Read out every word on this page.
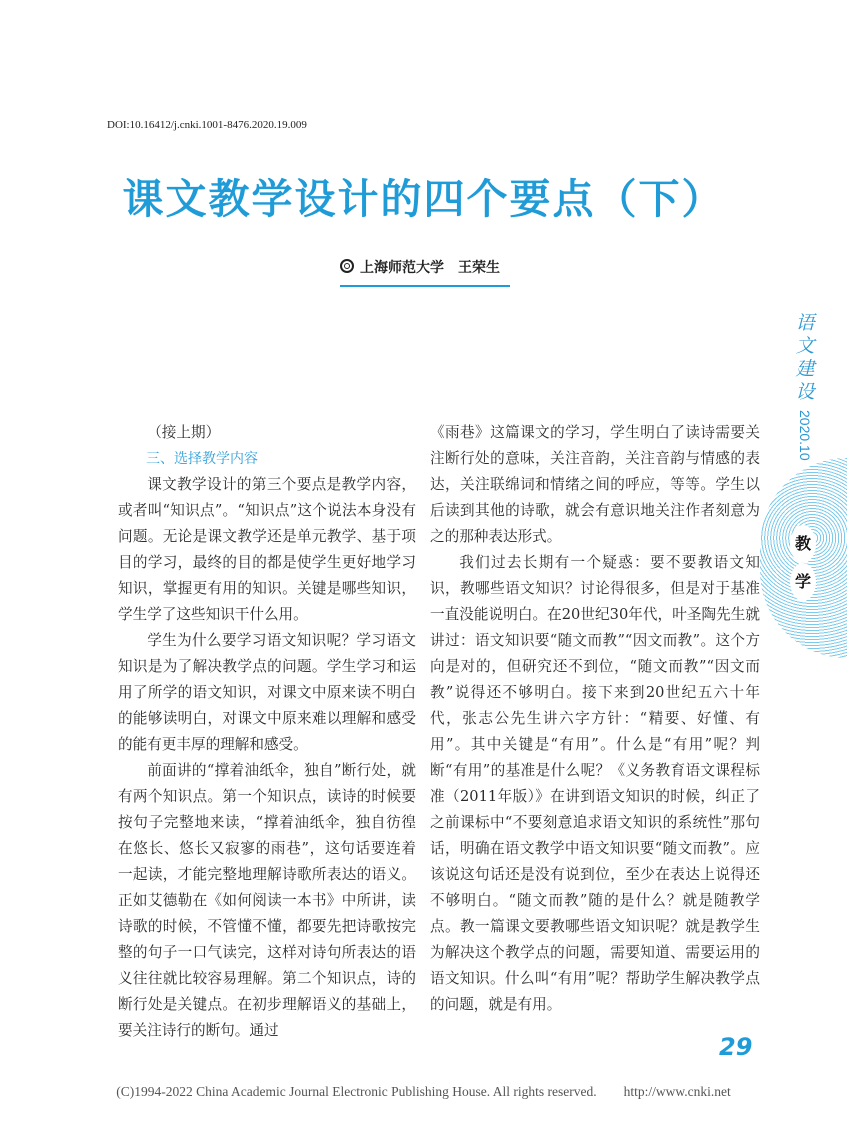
DOI:10.16412/j.cnki.1001-8476.2020.19.009
课文教学设计的四个要点（下）
上海师范大学　王荣生
语
文
建
设
2020.10
教
学

（接上期）

三、选择教学内容

课文教学设计的第三个要点是教学内容，或者叫“知识点”。“知识点”这个说法本身没有问题。无论是课文教学还是单元教学、基于项目的学习，最终的目的都是使学生更好地学习知识，掌握更有用的知识。关键是哪些知识，学生学了这些知识干什么用。

学生为什么要学习语文知识呢？学习语文知识是为了解决教学点的问题。学生学习和运用了所学的语文知识，对课文中原来读不明白的能够读明白，对课文中原来难以理解和感受的能有更丰厚的理解和感受。

前面讲的“撑着油纸伞，独自”断行处，就有两个知识点。第一个知识点，读诗的时候要按句子完整地来读，“撑着油纸伞，独自彷徨在悠长、悠长又寂寥的雨巷”，这句话要连着一起读，才能完整地理解诗歌所表达的语义。正如艾德勒在《如何阅读一本书》中所讲，读诗歌的时候，不管懂不懂，都要先把诗歌按完整的句子一口气读完，这样对诗句所表达的语义往往就比较容易理解。第二个知识点，诗的断行处是关键点。在初步理解语义的基础上，要关注诗行的断句。通过

《雨巷》这篇课文的学习，学生明白了读诗需要关注断行处的意味，关注音韵，关注音韵与情感的表达，关注联绵词和情绪之间的呼应，等等。学生以后读到其他的诗歌，就会有意识地关注作者刻意为之的那种表达形式。

我们过去长期有一个疑惑：要不要教语文知识，教哪些语文知识？讨论得很多，但是对于基准一直没能说明白。在20世纪30年代，叶圣陶先生就讲过：语文知识要“随文而教”“因文而教”。这个方向是对的，但研究还不到位，“随文而教”“因文而教”说得还不够明白。接下来到20世纪五六十年代，张志公先生讲六字方针：“精要、好懂、有用”。其中关键是“有用”。什么是“有用”呢？判断“有用”的基准是什么呢？《义务教育语文课程标准（2011年版）》在讲到语文知识的时候，纠正了之前课标中“不要刻意追求语文知识的系统性”那句话，明确在语文教学中语文知识要“随文而教”。应该说这句话还是没有说到位，至少在表达上说得还不够明白。“随文而教”随的是什么？就是随教学点。教一篇课文要教哪些语文知识呢？就是教学生为解决这个教学点的问题，需要知道、需要运用的语文知识。什么叫“有用”呢？帮助学生解决教学点的问题，就是有用。

29
(C)1994-2022 China Academic Journal Electronic Publishing House. All rights reserved.　　http://www.cnki.net
